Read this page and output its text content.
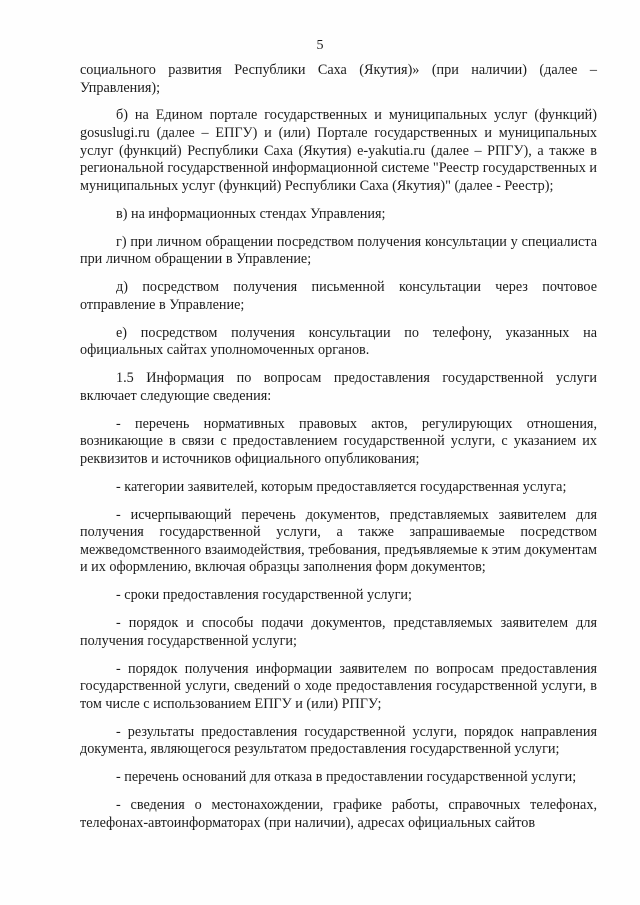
5

социального развития Республики Саха (Якутия)» (при наличии) (далее – Управления);

б) на Едином портале государственных и муниципальных услуг (функций) gosuslugi.ru (далее – ЕПГУ) и (или) Портале государственных и муниципальных услуг (функций) Республики Саха (Якутия) e-yakutia.ru (далее – РПГУ), а также в региональной государственной информационной системе "Реестр государственных и муниципальных услуг (функций) Республики Саха (Якутия)" (далее - Реестр);

в) на информационных стендах Управления;

г) при личном обращении посредством получения консультации у специалиста при личном обращении в Управление;

д) посредством получения письменной консультации через почтовое отправление в Управление;

е) посредством получения консультации по телефону, указанных на официальных сайтах уполномоченных органов.

1.5 Информация по вопросам предоставления государственной услуги включает следующие сведения:

- перечень нормативных правовых актов, регулирующих отношения, возникающие в связи с предоставлением государственной услуги, с указанием их реквизитов и источников официального опубликования;

- категории заявителей, которым предоставляется государственная услуга;

- исчерпывающий перечень документов, представляемых заявителем для получения государственной услуги, а также запрашиваемые посредством межведомственного взаимодействия, требования, предъявляемые к этим документам и их оформлению, включая образцы заполнения форм документов;

- сроки предоставления государственной услуги;

- порядок и способы подачи документов, представляемых заявителем для получения государственной услуги;

- порядок получения информации заявителем по вопросам предоставления государственной услуги, сведений о ходе предоставления государственной услуги, в том числе с использованием ЕПГУ и (или) РПГУ;

- результаты предоставления государственной услуги, порядок направления документа, являющегося результатом предоставления государственной услуги;

- перечень оснований для отказа в предоставлении государственной услуги;

- сведения о местонахождении, графике работы, справочных телефонах, телефонах-автоинформаторах (при наличии), адресах официальных сайтов
